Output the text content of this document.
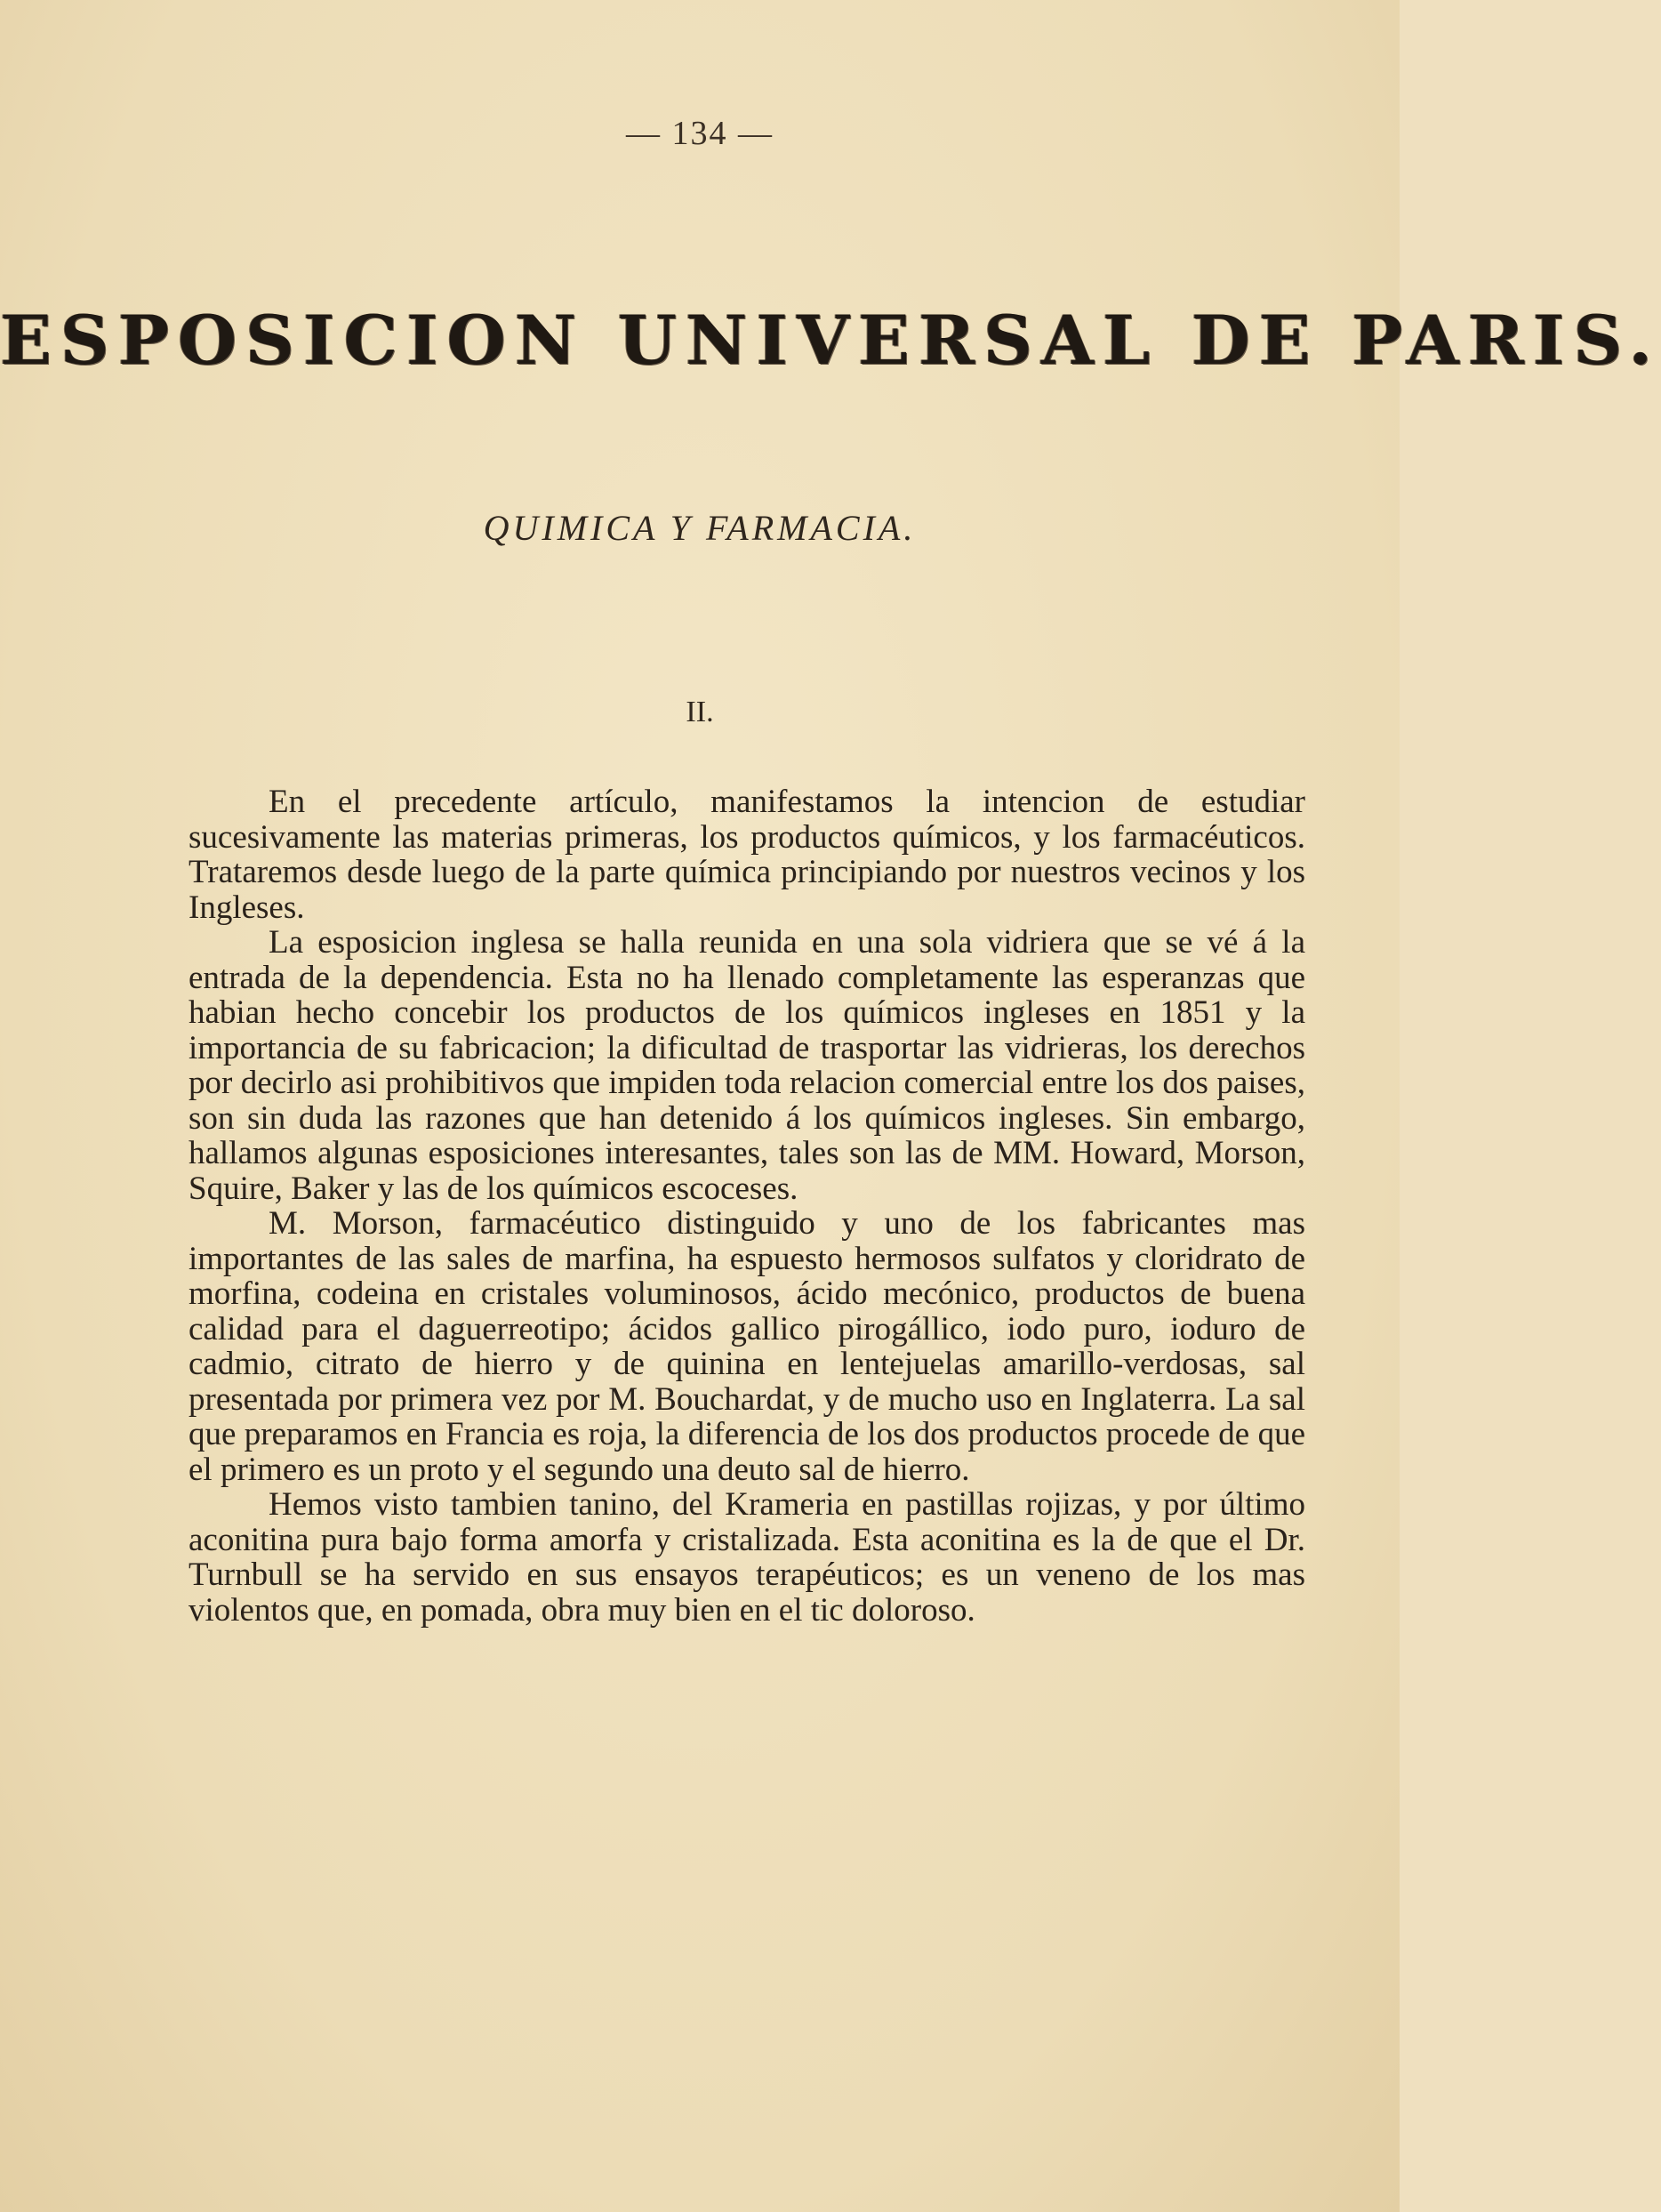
— 134 —
ESPOSICION UNIVERSAL DE PARIS.
QUIMICA Y FARMACIA.
II.

En el precedente artículo, manifestamos la intencion de estudiar sucesivamente las materias primeras, los productos químicos, y los farmacéuticos. Trataremos desde luego de la parte química principiando por nuestros vecinos y los Ingleses.

La esposicion inglesa se halla reunida en una sola vidriera que se vé á la entrada de la dependencia. Esta no ha llenado completamente las esperanzas que habian hecho concebir los productos de los químicos ingleses en 1851 y la importancia de su fabricacion; la dificultad de trasportar las vidrieras, los derechos por decirlo asi prohibitivos que impiden toda relacion comercial entre los dos paises, son sin duda las razones que han detenido á los químicos ingleses. Sin embargo, hallamos algunas esposiciones interesantes, tales son las de MM. Howard, Morson, Squire, Baker y las de los químicos escoceses.

M. Morson, farmacéutico distinguido y uno de los fabricantes mas importantes de las sales de marfina, ha espuesto hermosos sulfatos y cloridrato de morfina, codeina en cristales voluminosos, ácido mecónico, productos de buena calidad para el daguerreotipo; ácidos gallico pirogállico, iodo puro, ioduro de cadmio, citrato de hierro y de quinina en lentejuelas amarillo-verdosas, sal presentada por primera vez por M. Bouchardat, y de mucho uso en Inglaterra. La sal que preparamos en Francia es roja, la diferencia de los dos productos procede de que el primero es un proto y el segundo una deuto sal de hierro.

Hemos visto tambien tanino, del Krameria en pastillas rojizas, y por último aconitina pura bajo forma amorfa y cristalizada. Esta aconitina es la de que el Dr. Turnbull se ha servido en sus ensayos terapéuticos; es un veneno de los mas violentos que, en pomada, obra muy bien en el tic doloroso.
